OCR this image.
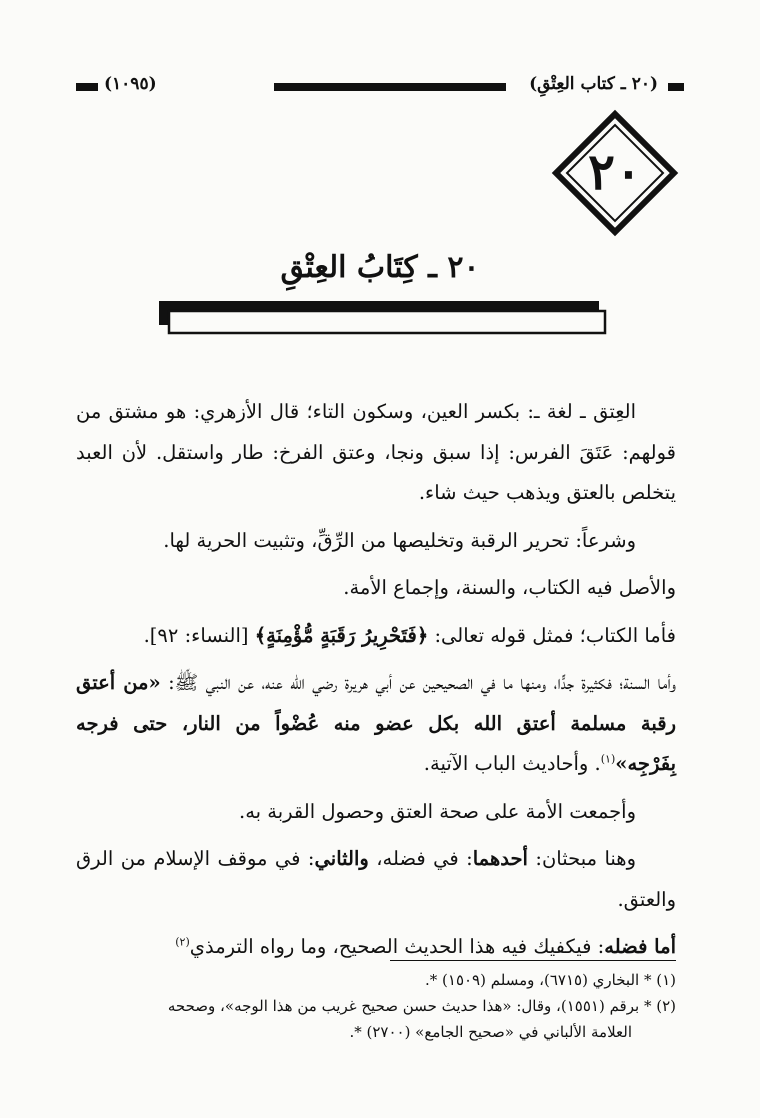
(٢٠ ـ كتاب العِتْقِ)
(١٠٩٥)
٢٠
٢٠ ـ كِتَابُ العِتْقِ

العِتق ـ لغة ـ: بكسر العين، وسكون التاء؛ قال الأزهري: هو مشتق من قولهم: عَتَقَ الفرس: إذا سبق ونجا، وعتق الفرخ: طار واستقل. لأن العبد يتخلص بالعتق ويذهب حيث شاء.

وشرعاً: تحرير الرقبة وتخليصها من الرِّقِّ، وتثبيت الحرية لها.

والأصل فيه الكتاب، والسنة، وإجماع الأمة.

فأما الكتاب؛ فمثل قوله تعالى: ﴿فَتَحْرِيرُ رَقَبَةٍ مُّؤْمِنَةٍ﴾ [النساء: ٩٢].

وأما السنة؛ فكثيرة جدًّا، ومنها ما في الصحيحين عن أبي هريرة رضي الله عنه، عن النبي ﷺ: «من أعتق رقبة مسلمة أعتق الله بكل عضو منه عُضْواً من النار، حتى فرجه بِفَرْجِه»$^{(١)}$. وأحاديث الباب الآتية.

وأجمعت الأمة على صحة العتق وحصول القربة به.

وهنا مبحثان: أحدهما: في فضله، والثاني: في موقف الإسلام من الرق والعتق.

أما فضله: فيكفيك فيه هذا الحديث الصحيح، وما رواه الترمذي$^{(٢)}$

(١) * البخاري (٦٧١٥)، ومسلم (١٥٠٩) *.

(٢) * برقم (١٥٥١)، وقال: «هذا حديث حسن صحيح غريب من هذا الوجه»، وصححه

العلامة الألباني في «صحيح الجامع» (٢٧٠٠) *.
